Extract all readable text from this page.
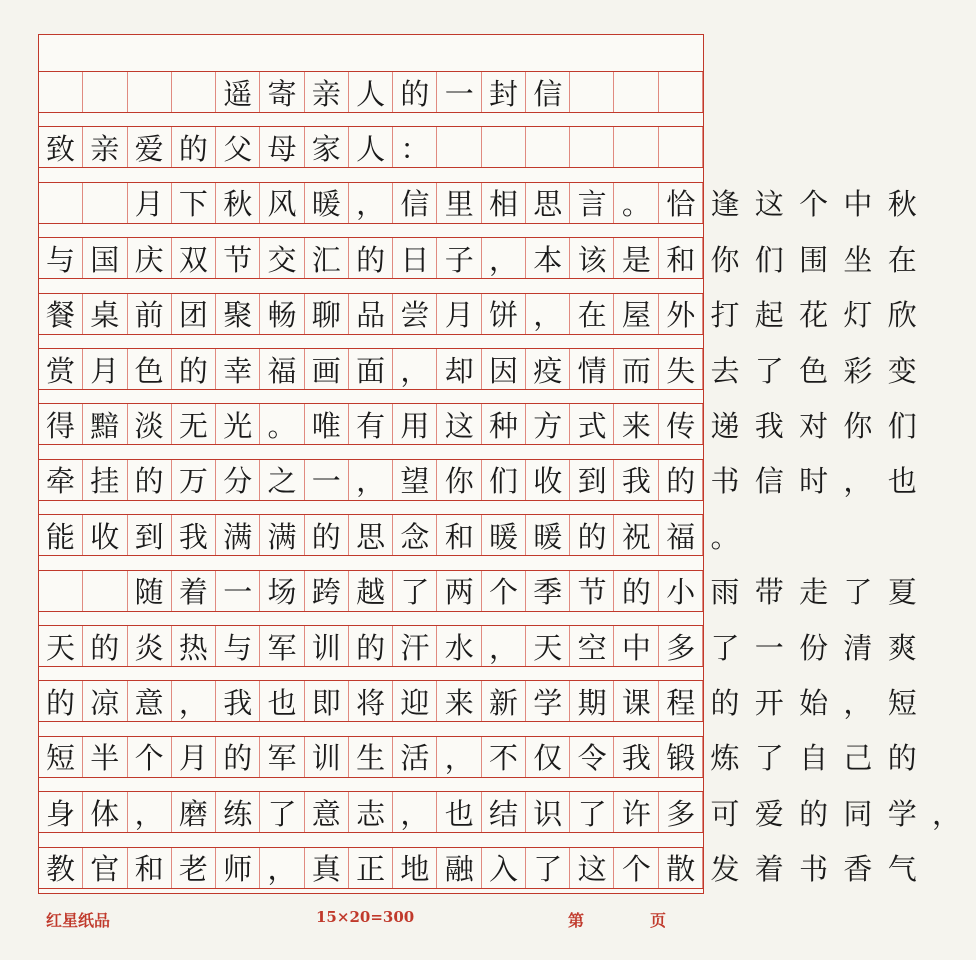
　　　　遥寄亲人的一封信
致亲爱的父母家人：
　　月下秋风暖，信里相思言。恰逢这个中秋
与国庆双节交汇的日子，本该是和你们围坐在
餐桌前团聚畅聊品尝月饼，在屋外打起花灯欣
赏月色的幸福画面，却因疫情而失去了色彩变
得黯淡无光。唯有用这种方式来传递我对你们
牵挂的万分之一，望你们收到我的书信时，也
能收到我满满的思念和暖暖的祝福。
　　随着一场跨越了两个季节的小雨带走了夏
天的炎热与军训的汗水，天空中多了一份清爽
的凉意，我也即将迎来新学期课程的开始，短
短半个月的军训生活，不仅令我锻炼了自己的
身体，磨练了意志，也结识了许多可爱的同学，
教官和老师，真正地融入了这个散发着书香气
红星纸品	15×20=300	第	页
